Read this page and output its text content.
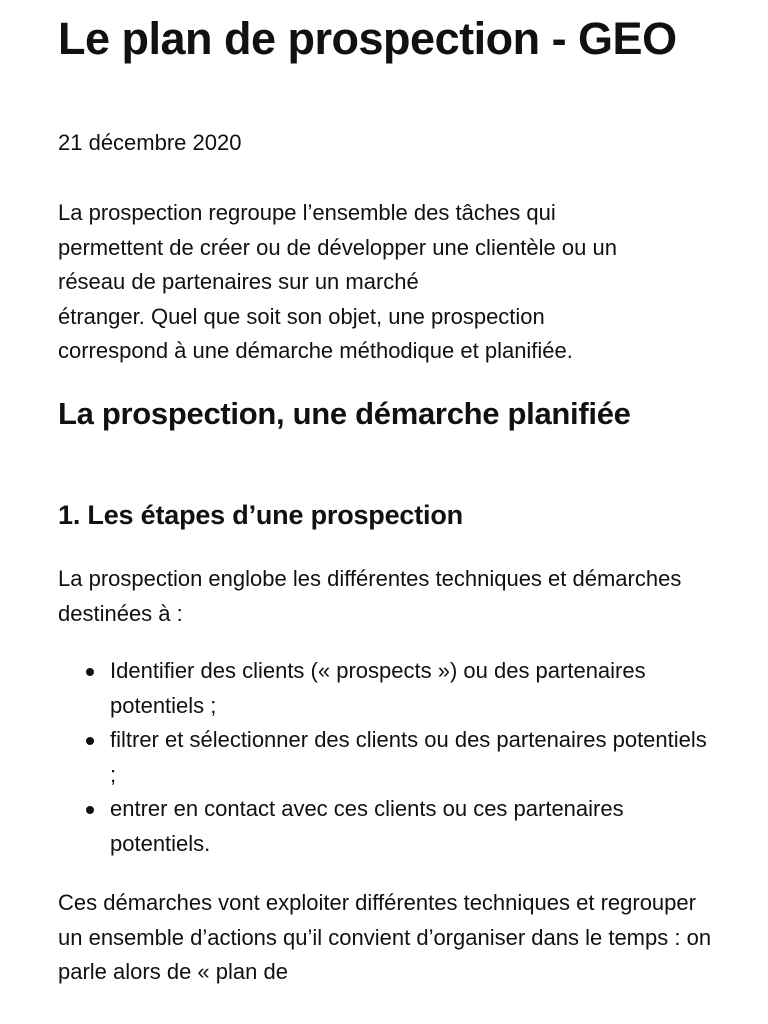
Le plan de prospection - GEO
21 décembre 2020

La prospection regroupe l’ensemble des tâches qui
permettent de créer ou de développer une clientèle ou un
réseau de partenaires sur un marché
étranger. Quel que soit son objet, une prospection
correspond à une démarche méthodique et planifiée.

La prospection, une démarche planifiée
1. Les étapes d’une prospection

La prospection englobe les différentes techniques et démarches destinées à :

Identifier des clients (« prospects ») ou des partenaires potentiels ;
filtrer et sélectionner des clients ou des partenaires potentiels ;
entrer en contact avec ces clients ou ces partenaires potentiels.

Ces démarches vont exploiter différentes techniques et regrouper un ensemble d’actions qu’il convient d’organiser dans le temps : on parle alors de « plan de
